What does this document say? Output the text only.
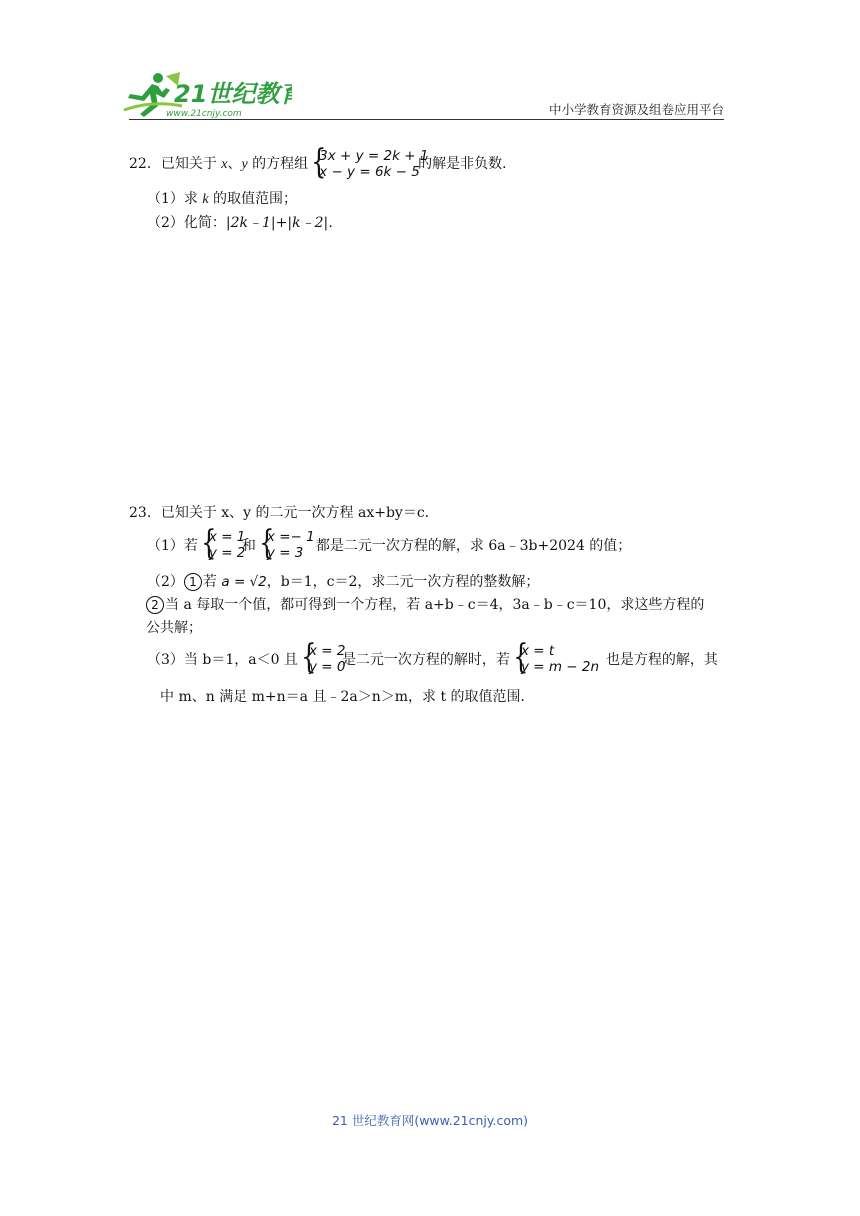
21世纪教育
www.21cnjy.com	中小学教育资源及组卷应用平台
22．已知关于 x、y 的方程组 {
3x + y = 2k + 1
x − y = 6k − 5
的解是非负数．
（1）求 k 的取值范围；
（2）化简：|2k﹣1|+|k﹣2|．
23．已知关于 x、y 的二元一次方程 ax+by＝c．
（1）若 {
x = 1
y = 2
和 {
x =− 1
y = 3 都是二元一次方程的解，求 6a﹣3b+2024 的值；
（2） 1 若 a = √2，b＝1，c＝2，求二元一次方程的整数解；
2 当 a 每取一个值，都可得到一个方程，若 a+b﹣c＝4，3a﹣b﹣c＝10，求这些方程的
公共解；
（3）当 b＝1，a＜0 且 {
x = 2
y = 0
是二元一次方程的解时，若 {
x = t
y = m − 2n 也是方程的解，其
中 m、n 满足 m+n＝a 且﹣2a＞n＞m，求 t 的取值范围．
21 世纪教育网(www.21cnjy.com)
